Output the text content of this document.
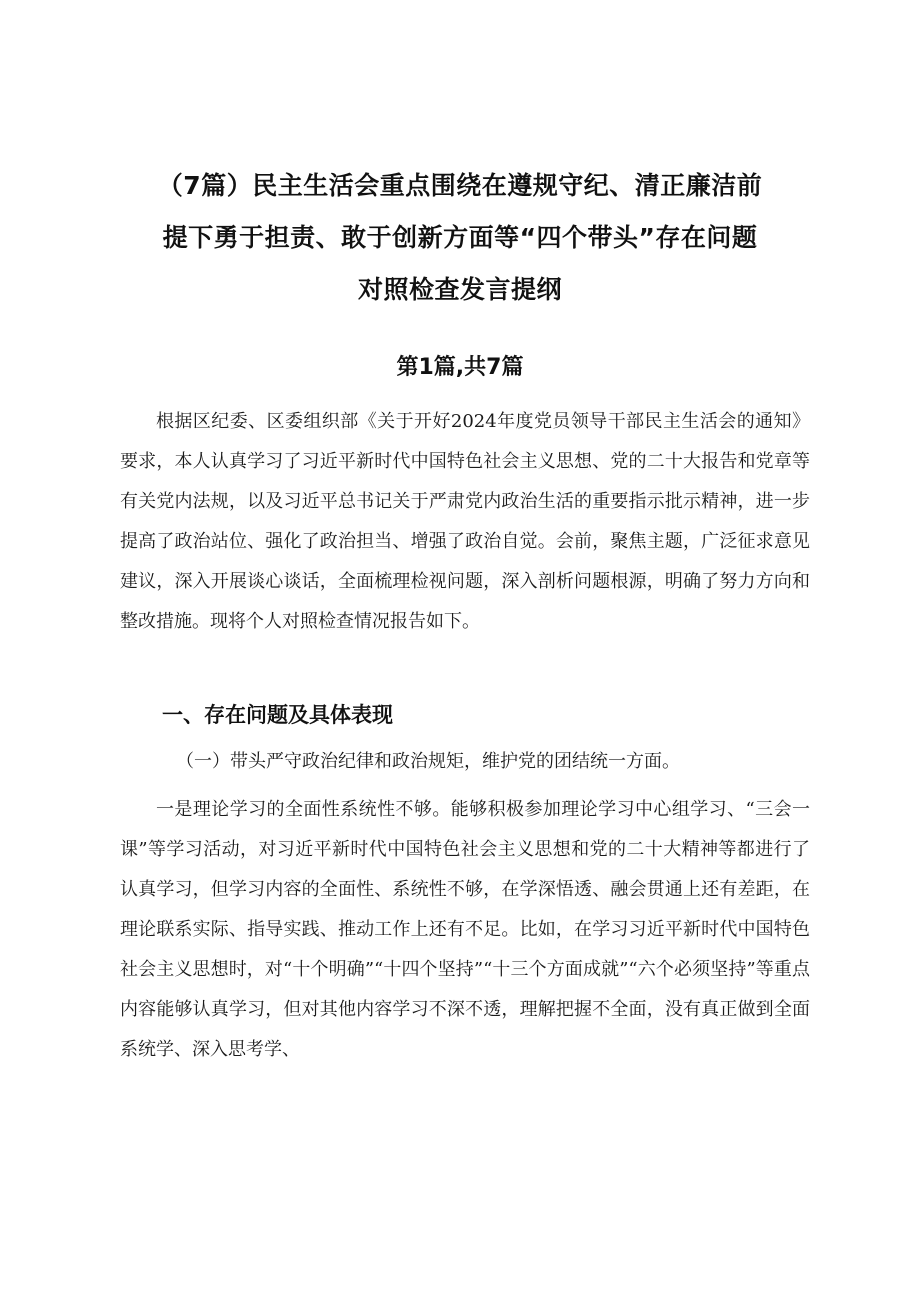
（7篇）民主生活会重点围绕在遵规守纪、清正廉洁前
提下勇于担责、敢于创新方面等“四个带头”存在问题
对照检查发言提纲
第1篇,共7篇

根据区纪委、区委组织部《关于开好2024年度党员领导干部民主生活会的通知》要求，本人认真学习了习近平新时代中国特色社会主义思想、党的二十大报告和党章等有关党内法规，以及习近平总书记关于严肃党内政治生活的重要指示批示精神，进一步提高了政治站位、强化了政治担当、增强了政治自觉。会前，聚焦主题，广泛征求意见建议，深入开展谈心谈话，全面梳理检视问题，深入剖析问题根源，明确了努力方向和整改措施。现将个人对照检查情况报告如下。

一、存在问题及具体表现
（一）带头严守政治纪律和政治规矩，维护党的团结统一方面。

一是理论学习的全面性系统性不够。能够积极参加理论学习中心组学习、“三会一课”等学习活动，对习近平新时代中国特色社会主义思想和党的二十大精神等都进行了认真学习，但学习内容的全面性、系统性不够，在学深悟透、融会贯通上还有差距，在理论联系实际、指导实践、推动工作上还有不足。比如，在学习习近平新时代中国特色社会主义思想时，对“十个明确”“十四个坚持”“十三个方面成就”“六个必须坚持”等重点内容能够认真学习，但对其他内容学习不深不透，理解把握不全面，没有真正做到全面系统学、深入思考学、
